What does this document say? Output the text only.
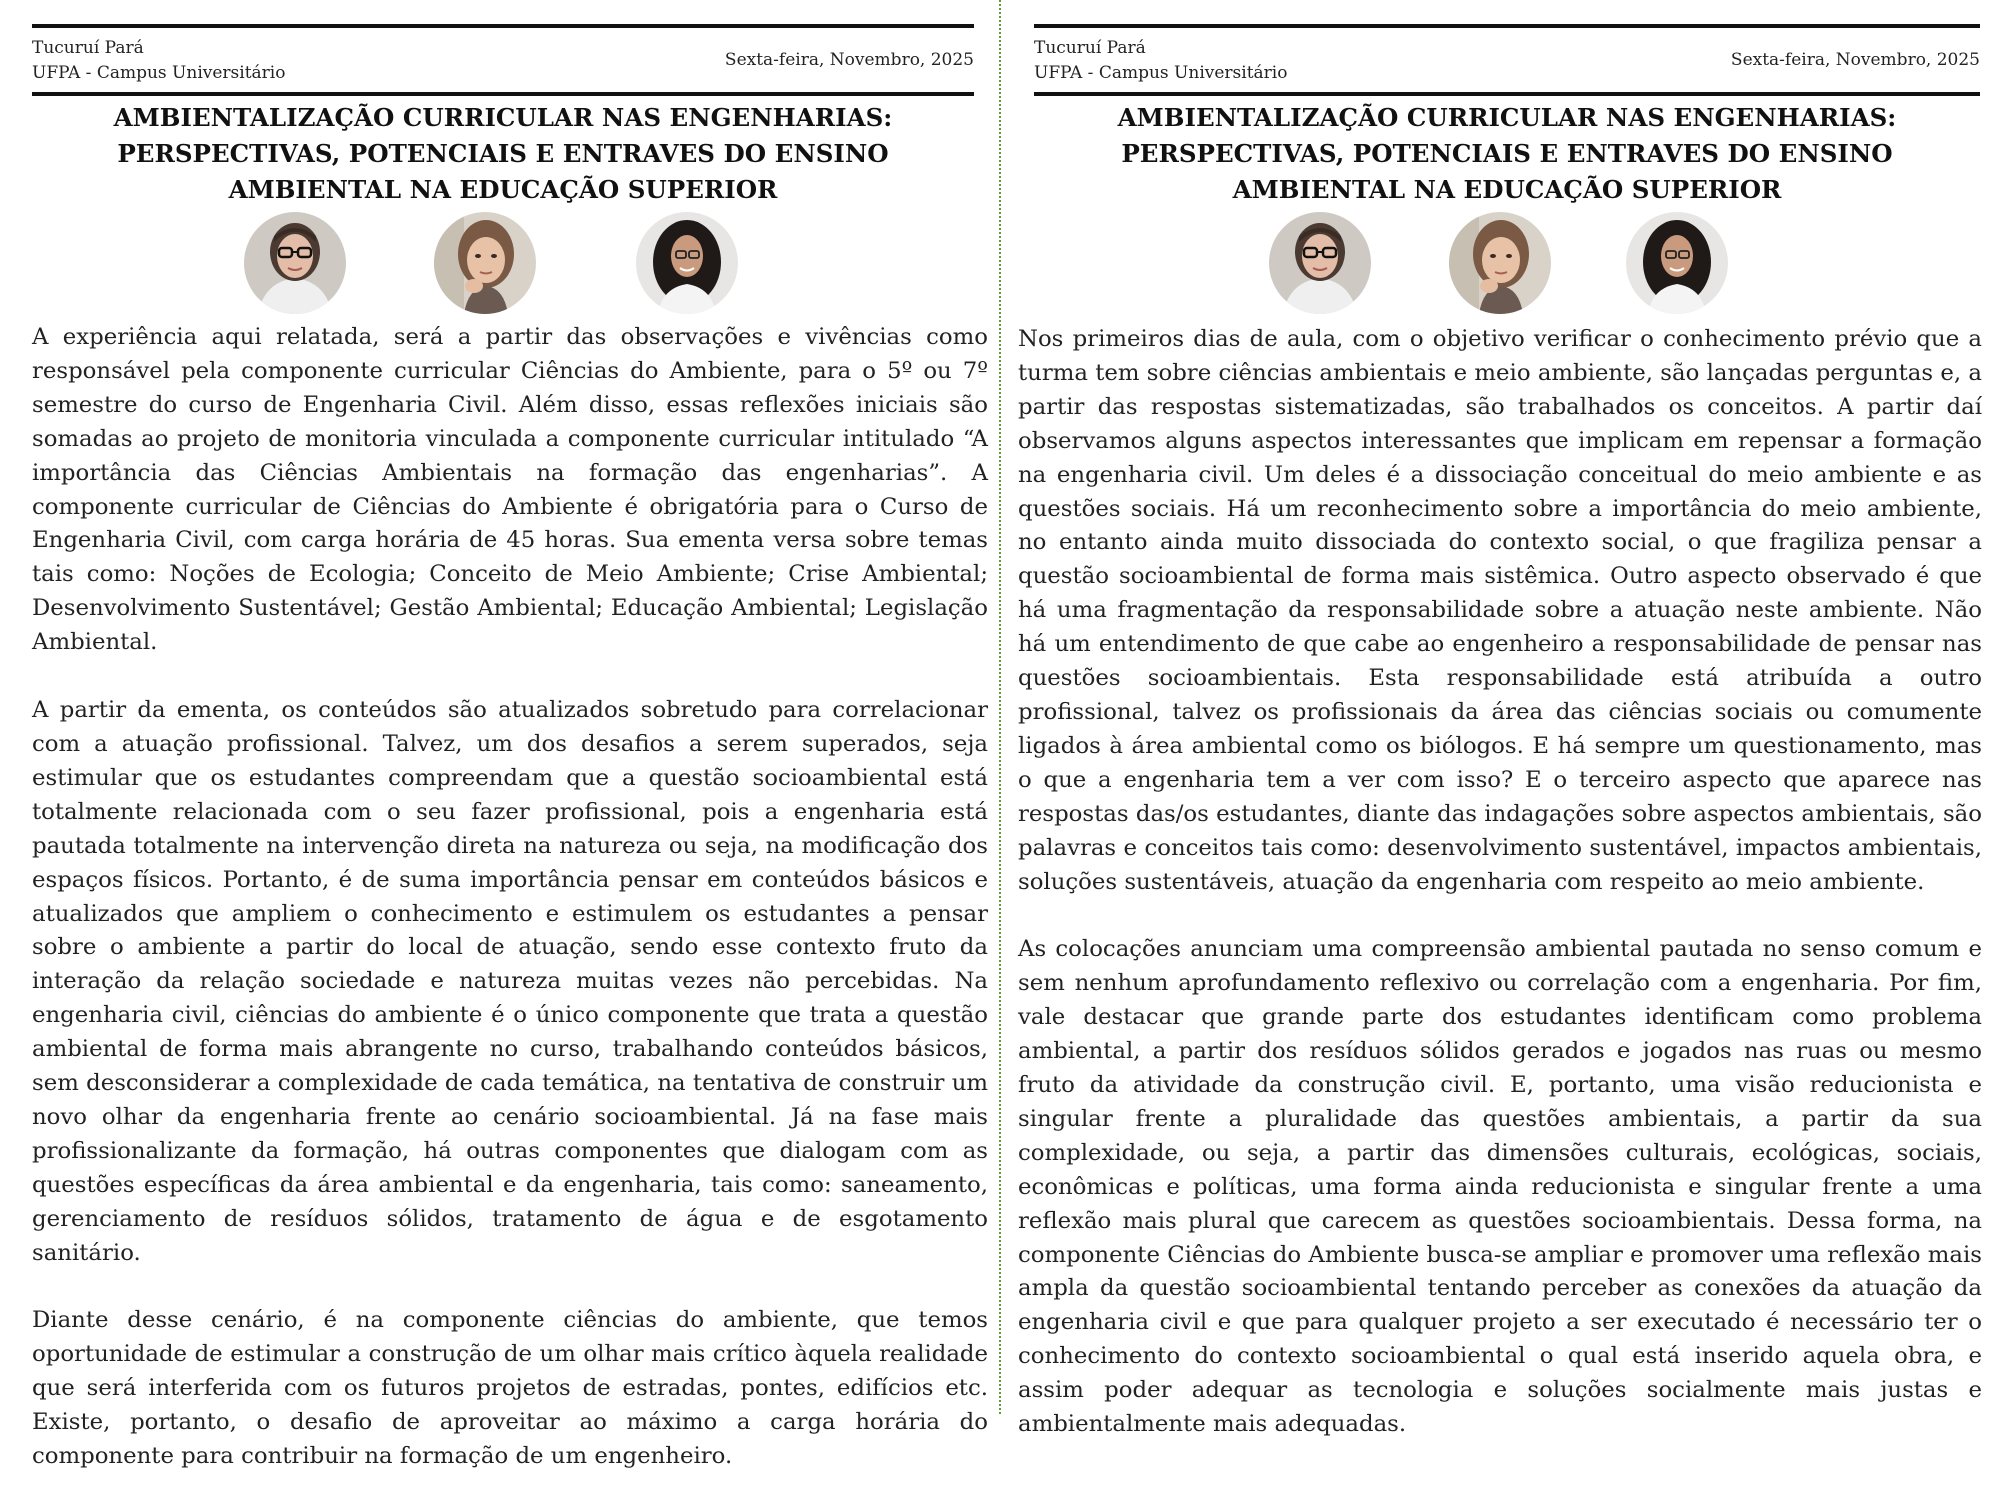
Tucuruí Pará
UFPA - Campus Universitário
Sexta-feira, Novembro, 2025
AMBIENTALIZAÇÃO CURRICULAR NAS ENGENHARIAS:
PERSPECTIVAS, POTENCIAIS E ENTRAVES DO ENSINO
AMBIENTAL NA EDUCAÇÃO SUPERIOR

A experiência aqui relatada, será a partir das observações e vivências como responsável pela componente curricular Ciências do Ambiente, para o 5º ou 7º semestre do curso de Engenharia Civil. Além disso, essas reflexões iniciais são somadas ao projeto de monitoria vinculada a componente curricular intitulado “A importância das Ciências Ambientais na formação das engenharias”. A componente curricular de Ciências do Ambiente é obrigatória para o Curso de Engenharia Civil, com carga horária de 45 horas. Sua ementa versa sobre temas tais como: Noções de Ecologia; Conceito de Meio Ambiente; Crise Ambiental; Desenvolvimento Sustentável; Gestão Ambiental; Educação Ambiental; Legislação Ambiental.

A partir da ementa, os conteúdos são atualizados sobretudo para correlacionar com a atuação profissional. Talvez, um dos desafios a serem superados, seja estimular que os estudantes compreendam que a questão socioambiental está totalmente relacionada com o seu fazer profissional, pois a engenharia está pautada totalmente na intervenção direta na natureza ou seja, na modificação dos espaços físicos. Portanto, é de suma importância pensar em conteúdos básicos e atualizados que ampliem o conhecimento e estimulem os estudantes a pensar sobre o ambiente a partir do local de atuação, sendo esse contexto fruto da interação da relação sociedade e natureza muitas vezes não percebidas. Na engenharia civil, ciências do ambiente é o único componente que trata a questão ambiental de forma mais abrangente no curso, trabalhando conteúdos básicos, sem desconsiderar a complexidade de cada temática, na tentativa de construir um novo olhar da engenharia frente ao cenário socioambiental. Já na fase mais profissionalizante da formação, há outras componentes que dialogam com as questões específicas da área ambiental e da engenharia, tais como: saneamento, gerenciamento de resíduos sólidos, tratamento de água e de esgotamento sanitário.

Diante desse cenário, é na componente ciências do ambiente, que temos oportunidade de estimular a construção de um olhar mais crítico àquela realidade que será interferida com os futuros projetos de estradas, pontes, edifícios etc. Existe, portanto, o desafio de aproveitar ao máximo a carga horária do componente para contribuir na formação de um engenheiro.

Tucuruí Pará
UFPA - Campus Universitário
Sexta-feira, Novembro, 2025
AMBIENTALIZAÇÃO CURRICULAR NAS ENGENHARIAS:
PERSPECTIVAS, POTENCIAIS E ENTRAVES DO ENSINO
AMBIENTAL NA EDUCAÇÃO SUPERIOR

Nos primeiros dias de aula, com o objetivo verificar o conhecimento prévio que a turma tem sobre ciências ambientais e meio ambiente, são lançadas perguntas e, a partir das respostas sistematizadas, são trabalhados os conceitos. A partir daí observamos alguns aspectos interessantes que implicam em repensar a formação na engenharia civil. Um deles é a dissociação conceitual do meio ambiente e as questões sociais. Há um reconhecimento sobre a importância do meio ambiente, no entanto ainda muito dissociada do contexto social, o que fragiliza pensar a questão socioambiental de forma mais sistêmica. Outro aspecto observado é que há uma fragmentação da responsabilidade sobre a atuação neste ambiente. Não há um entendimento de que cabe ao engenheiro a responsabilidade de pensar nas questões socioambientais. Esta responsabilidade está atribuída a outro profissional, talvez os profissionais da área das ciências sociais ou comumente ligados à área ambiental como os biólogos. E há sempre um questionamento, mas o que a engenharia tem a ver com isso? E o terceiro aspecto que aparece nas respostas das/os estudantes, diante das indagações sobre aspectos ambientais, são palavras e conceitos tais como: desenvolvimento sustentável, impactos ambientais, soluções sustentáveis, atuação da engenharia com respeito ao meio ambiente.

As colocações anunciam uma compreensão ambiental pautada no senso comum e sem nenhum aprofundamento reflexivo ou correlação com a engenharia. Por fim, vale destacar que grande parte dos estudantes identificam como problema ambiental, a partir dos resíduos sólidos gerados e jogados nas ruas ou mesmo fruto da atividade da construção civil. E, portanto, uma visão reducionista e singular frente a pluralidade das questões ambientais, a partir da sua complexidade, ou seja, a partir das dimensões culturais, ecológicas, sociais, econômicas e políticas, uma forma ainda reducionista e singular frente a uma reflexão mais plural que carecem as questões socioambientais. Dessa forma, na componente Ciências do Ambiente busca-se ampliar e promover uma reflexão mais ampla da questão socioambiental tentando perceber as conexões da atuação da engenharia civil e que para qualquer projeto a ser executado é necessário ter o conhecimento do contexto socioambiental o qual está inserido aquela obra, e assim poder adequar as tecnologia e soluções socialmente mais justas e ambientalmente mais adequadas.
